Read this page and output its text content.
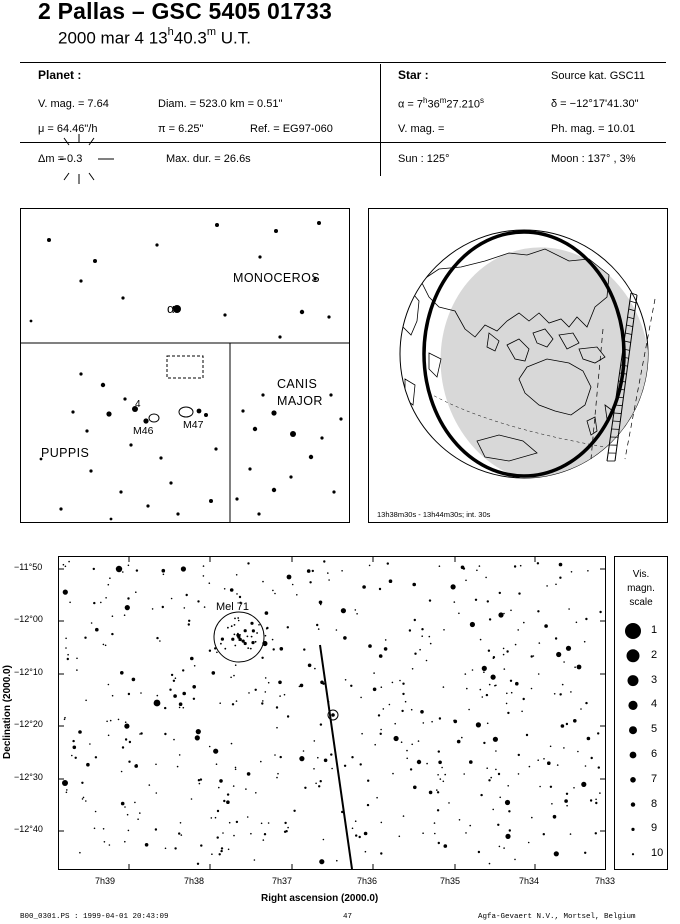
2 Pallas – GSC 5405 01733
2000 mar 4 13$^h$40.3$^m$ U.T.
Planet :
V. mag. = 7.64	Diam. = 523.0 km = 0.51"
μ = 64.46"/h	π = 6.25"	Ref. = EG97-060
Δm = 0.3	Max. dur. = 26.6s
Star :	Source kat. GSC11
$\alpha = 7^h36^m27.210^s$	δ = −12°17'41.30"
V. mag. =	Ph. mag. = 10.01
Sun : 125°	Moon : 137° , 3%
MONOCEROS
α
PUPPIS
CANIS
MAJOR
4
M46	M47
13h38m30s - 13h44m30s; int. 30s
Mel 71
−11°50
−12°00
−12°10
−12°20
−12°30
−12°40
7h39	7h38	7h37	7h36	7h35	7h34	7h33
Declination (2000.0)
Right ascension (2000.0)
Vis.
magn.
scale
1
2
3
4
5
6
7
8
9
10
B00_0301.PS : 1999-04-01 20:43:09	47	Agfa-Gevaert N.V., Mortsel, Belgium
